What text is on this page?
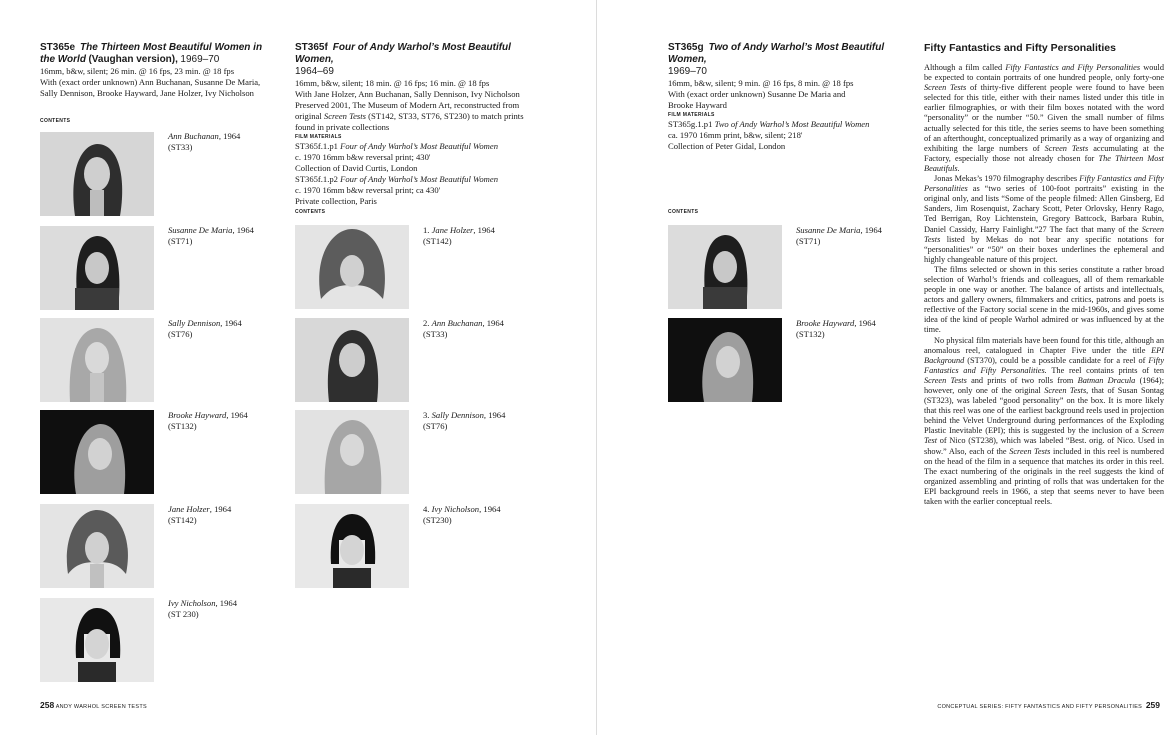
ST365e The Thirteen Most Beautiful Women in the World (Vaughan version), 1969–70

16mm, b&w, silent; 26 min. @ 16 fps, 23 min. @ 18 fps

With (exact order unknown) Ann Buchanan, Susanne De Maria,

Sally Dennison, Brooke Hayward, Jane Holzer, Ivy Nicholson

CONTENTS

Ann Buchanan, 1964
(ST33)

Susanne De Maria, 1964
(ST71)

Sally Dennison, 1964
(ST76)

Brooke Hayward, 1964
(ST132)

Jane Holzer, 1964
(ST142)

Ivy Nicholson, 1964
(ST 230)

ST365f Four of Andy Warhol’s Most Beautiful Women,
1964–69

16mm, b&w, silent; 18 min. @ 16 fps; 16 min. @ 18 fps

With Jane Holzer, Ann Buchanan, Sally Dennison, Ivy Nicholson

Preserved 2001, The Museum of Modern Art, reconstructed from

original Screen Tests (ST142, ST33, ST76, ST230) to match prints

found in private collections

FILM MATERIALS

ST365f.1.p1 Four of Andy Warhol’s Most Beautiful Women

c. 1970 16mm b&w reversal print; 430'

Collection of David Curtis, London

ST365f.1.p2 Four of Andy Warhol’s Most Beautiful Women

c. 1970 16mm b&w reversal print; ca 430'

Private collection, Paris

CONTENTS

1. Jane Holzer, 1964
(ST142)

2. Ann Buchanan, 1964
(ST33)

3. Sally Dennison, 1964
(ST76)

4. Ivy Nicholson, 1964
(ST230)

258 ANDY WARHOL SCREEN TESTS

ST365g Two of Andy Warhol’s Most Beautiful Women,
1969–70

16mm, b&w, silent; 9 min. @ 16 fps, 8 min. @ 18 fps

With (exact order unknown) Susanne De Maria and

Brooke Hayward

FILM MATERIALS

ST365g.1.p1 Two of Andy Warhol’s Most Beautiful Women

ca. 1970 16mm print, b&w, silent; 218'

Collection of Peter Gidal, London

CONTENTS

Susanne De Maria, 1964
(ST71)

Brooke Hayward, 1964
(ST132)

Fifty Fantastics and Fifty Personalities

Although a film called Fifty Fantastics and Fifty Personalities would be expected to contain portraits of one hundred people, only forty-one Screen Tests of thirty-five different people were found to have been selected for this title, either with their names listed under this title in earlier filmographies, or with their film boxes notated with the word “personality” or the number “50.” Given the small number of films actually selected for this title, the series seems to have been something of an afterthought, conceptualized primarily as a way of organizing and exhibiting the large numbers of Screen Tests accumulating at the Factory, especially those not already chosen for The Thirteen Most Beautifuls.

Jonas Mekas’s 1970 filmography describes Fifty Fantastics and Fifty Personalities as “two series of 100-foot portraits” existing in the original only, and lists “Some of the people filmed: Allen Ginsberg, Ed Sanders, Jim Rosenquist, Zachary Scott, Peter Orlovsky, Henry Rago, Ted Berrigan, Roy Lichtenstein, Gregory Battcock, Barbara Rubin, Daniel Cassidy, Harry Fainlight.”27 The fact that many of the Screen Tests listed by Mekas do not bear any specific notations for “personalities” or “50” on their boxes underlines the ephemeral and highly changeable nature of this project.

The films selected or shown in this series constitute a rather broad selection of Warhol’s friends and colleagues, all of them remarkable people in one way or another. The balance of artists and intellectuals, actors and gallery owners, filmmakers and critics, patrons and poets is reflective of the Factory social scene in the mid-1960s, and gives some idea of the kind of people Warhol admired or was influenced by at the time.

No physical film materials have been found for this title, although an anomalous reel, catalogued in Chapter Five under the title EPI Background (ST370), could be a possible candidate for a reel of Fifty Fantastics and Fifty Personalities. The reel contains prints of ten Screen Tests and prints of two rolls from Batman Dracula (1964); however, only one of the original Screen Tests, that of Susan Sontag (ST323), was labeled “good personality” on the box. It is more likely that this reel was one of the earliest background reels used in projection behind the Velvet Underground during performances of the Exploding Plastic Inevitable (EPI); this is suggested by the inclusion of a Screen Test of Nico (ST238), which was labeled “Best. orig. of Nico. Used in show.” Also, each of the Screen Tests included in this reel is numbered on the head of the film in a sequence that matches its order in this reel. The exact numbering of the originals in the reel suggests the kind of organized assembling and printing of rolls that was undertaken for the EPI background reels in 1966, a step that seems never to have been taken with the earlier conceptual reels.

CONCEPTUAL SERIES: FIFTY FANTASTICS AND FIFTY PERSONALITIES 259
